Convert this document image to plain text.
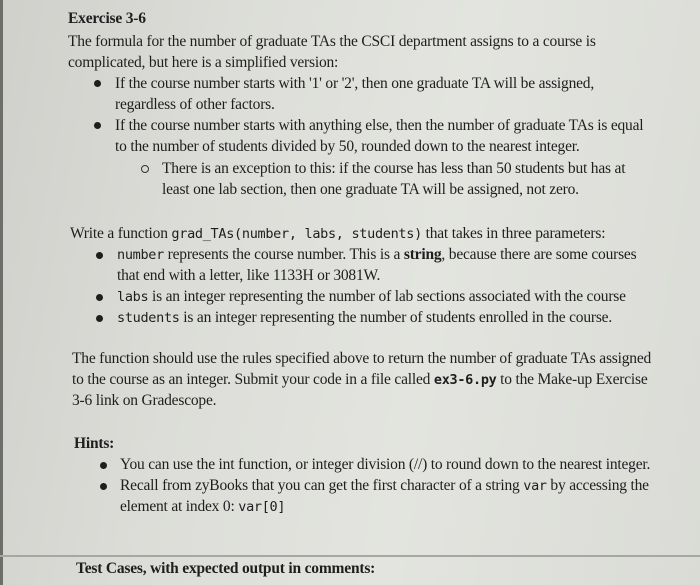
Exercise 3-6
The formula for the number of graduate TAs the CSCI department assigns to a course is
complicated, but here is a simplified version:
If the course number starts with '1' or '2', then one graduate TA will be assigned,
regardless of other factors.
If the course number starts with anything else, then the number of graduate TAs is equal
to the number of students divided by 50, rounded down to the nearest integer.
There is an exception to this: if the course has less than 50 students but has at
least one lab section, then one graduate TA will be assigned, not zero.
Write a function grad_TAs(number, labs, students) that takes in three parameters:
number represents the course number. This is a string, because there are some courses
that end with a letter, like 1133H or 3081W.
labs is an integer representing the number of lab sections associated with the course
students is an integer representing the number of students enrolled in the course.
The function should use the rules specified above to return the number of graduate TAs assigned
to the course as an integer. Submit your code in a file called ex3-6.py to the Make-up Exercise
3-6 link on Gradescope.
Hints:
You can use the int function, or integer division (//) to round down to the nearest integer.
Recall from zyBooks that you can get the first character of a string var by accessing the
element at index 0: var[0]
Test Cases, with expected output in comments:
